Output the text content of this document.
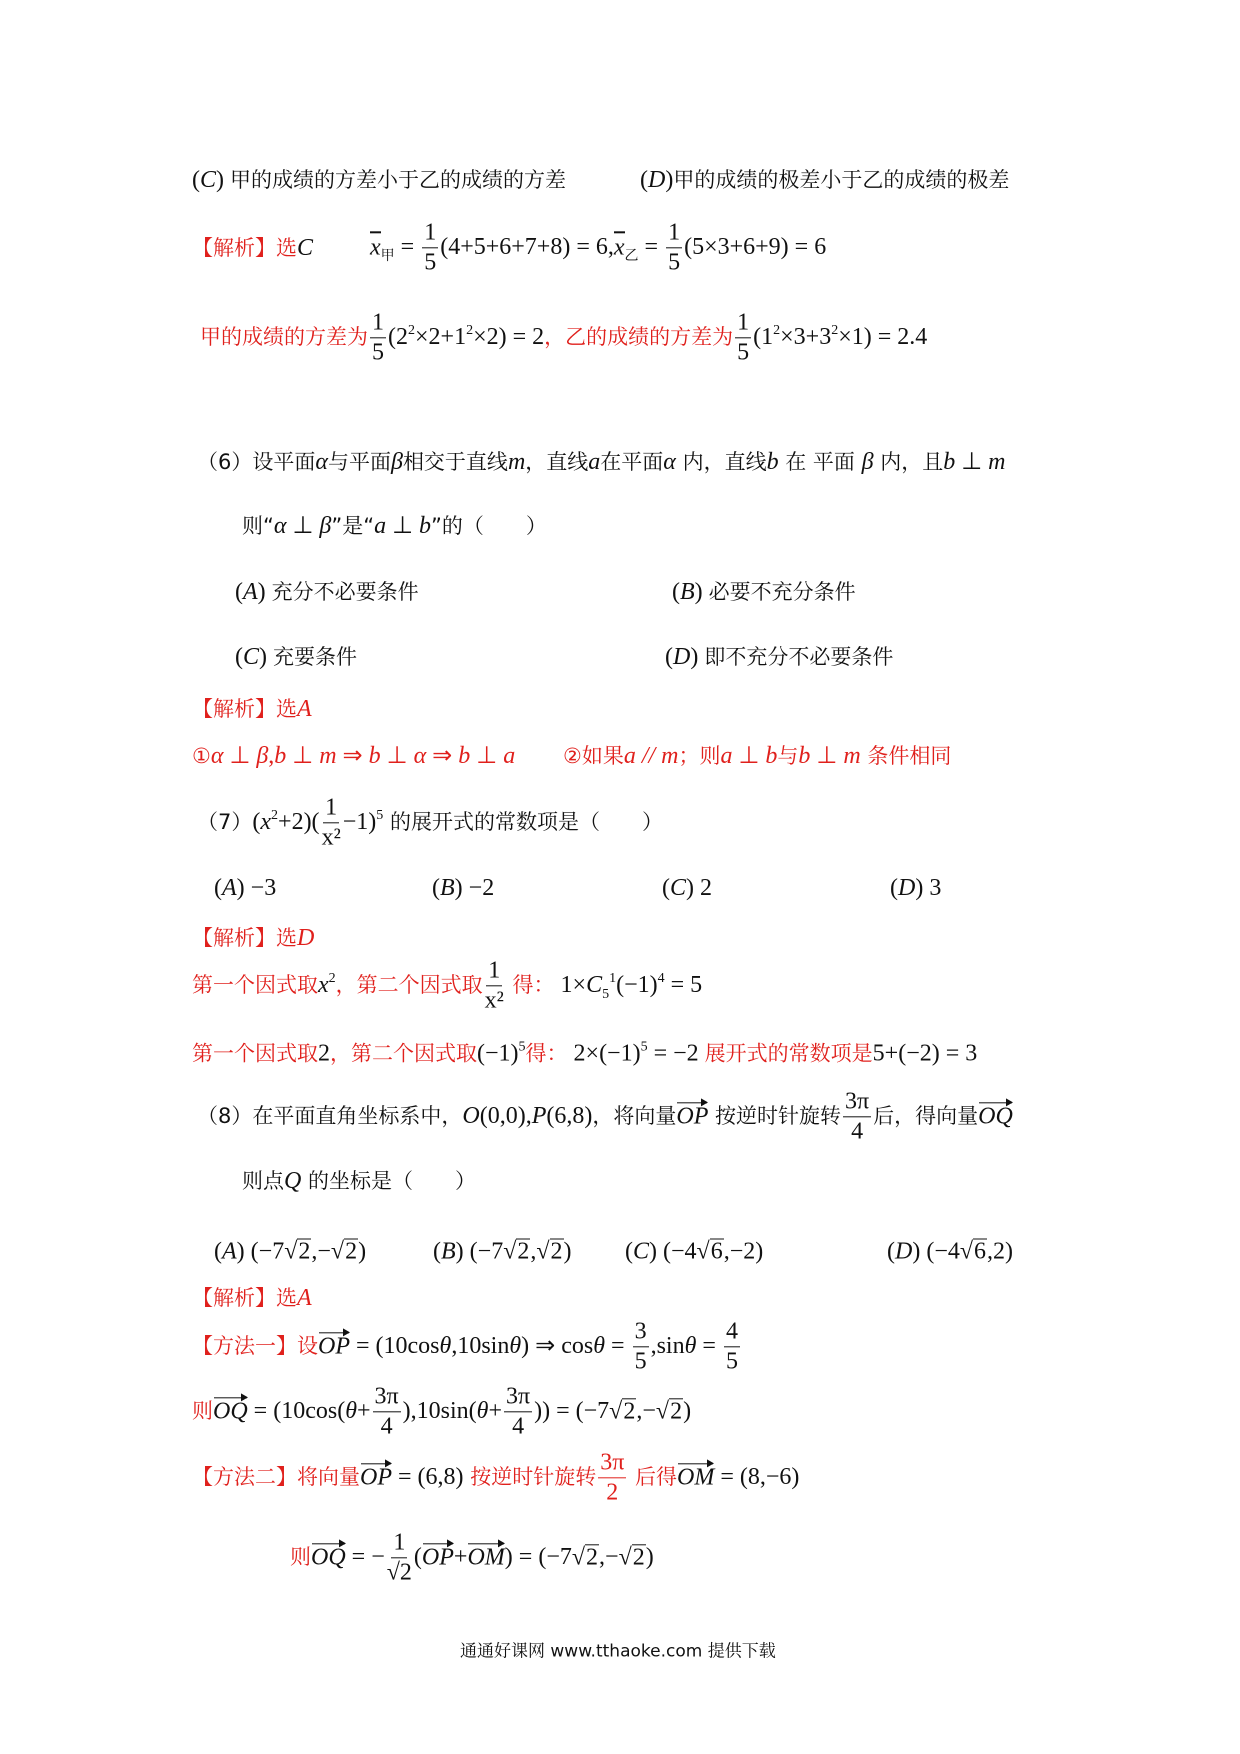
(C) 甲的成绩的方差小于乙的成绩的方差	(D)甲的成绩的极差小于乙的成绩的极差
【解析】选C $x_甲 = \frac{1}{5} (4+5+6+7+8) = 6,x_乙 = \frac{1}{5} (5\times 3+6+9) = 6$
甲的成绩的方差为 $\frac{1}{5} (2^2\times 2+1^2\times 2) = 2$，乙的成绩的方差为 $\frac{1}{5} (1^2\times 3+3^2\times 1) = 2.4$
（6）设平面α与平面β相交于直线m，直线a在平面α 内，直线b 在 平面 β 内，且b ⊥ m
则“α ⊥ β”是“a ⊥ b”的（　　）
(A) 充分不必要条件	(B) 必要不充分条件
(C) 充要条件	(D) 即不充分不必要条件
【解析】选A
①α ⊥ β,b ⊥ m ⇒ b ⊥ α ⇒ b ⊥ a ②如果a // m；则a ⊥ b与b ⊥ m 条件相同
$(7)(x^2+2)( \frac{1}{\text{x²}} -1)^5$ 的展开式的常数项是（　　）
(A) −3	(B) −2	(C) 2	(D) 3
【解析】选D
第一个因式取$x^2$，第二个因式取 $\frac{1}{\text{x²}}$ 得： $1\times C_5^1(-1)^4 = 5$
第一个因式取2，第二个因式取$(-1)^5$得： $2\times(-1)^5 = -2$ 展开式的常数项是5+(−2) = 3
（8）在平面直角坐标系中，O(0,0),P(6,8)，将向量OP 按逆时针旋转 $\frac{3\pi}{4}$ 后，得向量OQ
则点Q 的坐标是（　　）
(A) (−7√2,−√2)	(B) (−7√2,√2) (C) (−4√6,−2)	(D) (−4√6,2)
【解析】选A
【方法一】设OP = (10cosθ,10sinθ) ⇒ $\cos\theta = \frac{3}{5} ,\sin\theta = \frac{4}{5}$
则OQ = ($10\cos(\theta+ \frac{3\pi}{4} ),10\sin(\theta+ \frac{3\pi}{4}$ )) = (−7√2,−√2)
【方法二】将向量OP = (6,8) 按逆时针旋转 $\frac{3\pi}{2}$ 后得OM = (8,−6)
则OQ = − $\frac{1}{√2} (OP+OM) = (-7√2,-√2)$
通通好课网 www.tthaoke.com 提供下载
